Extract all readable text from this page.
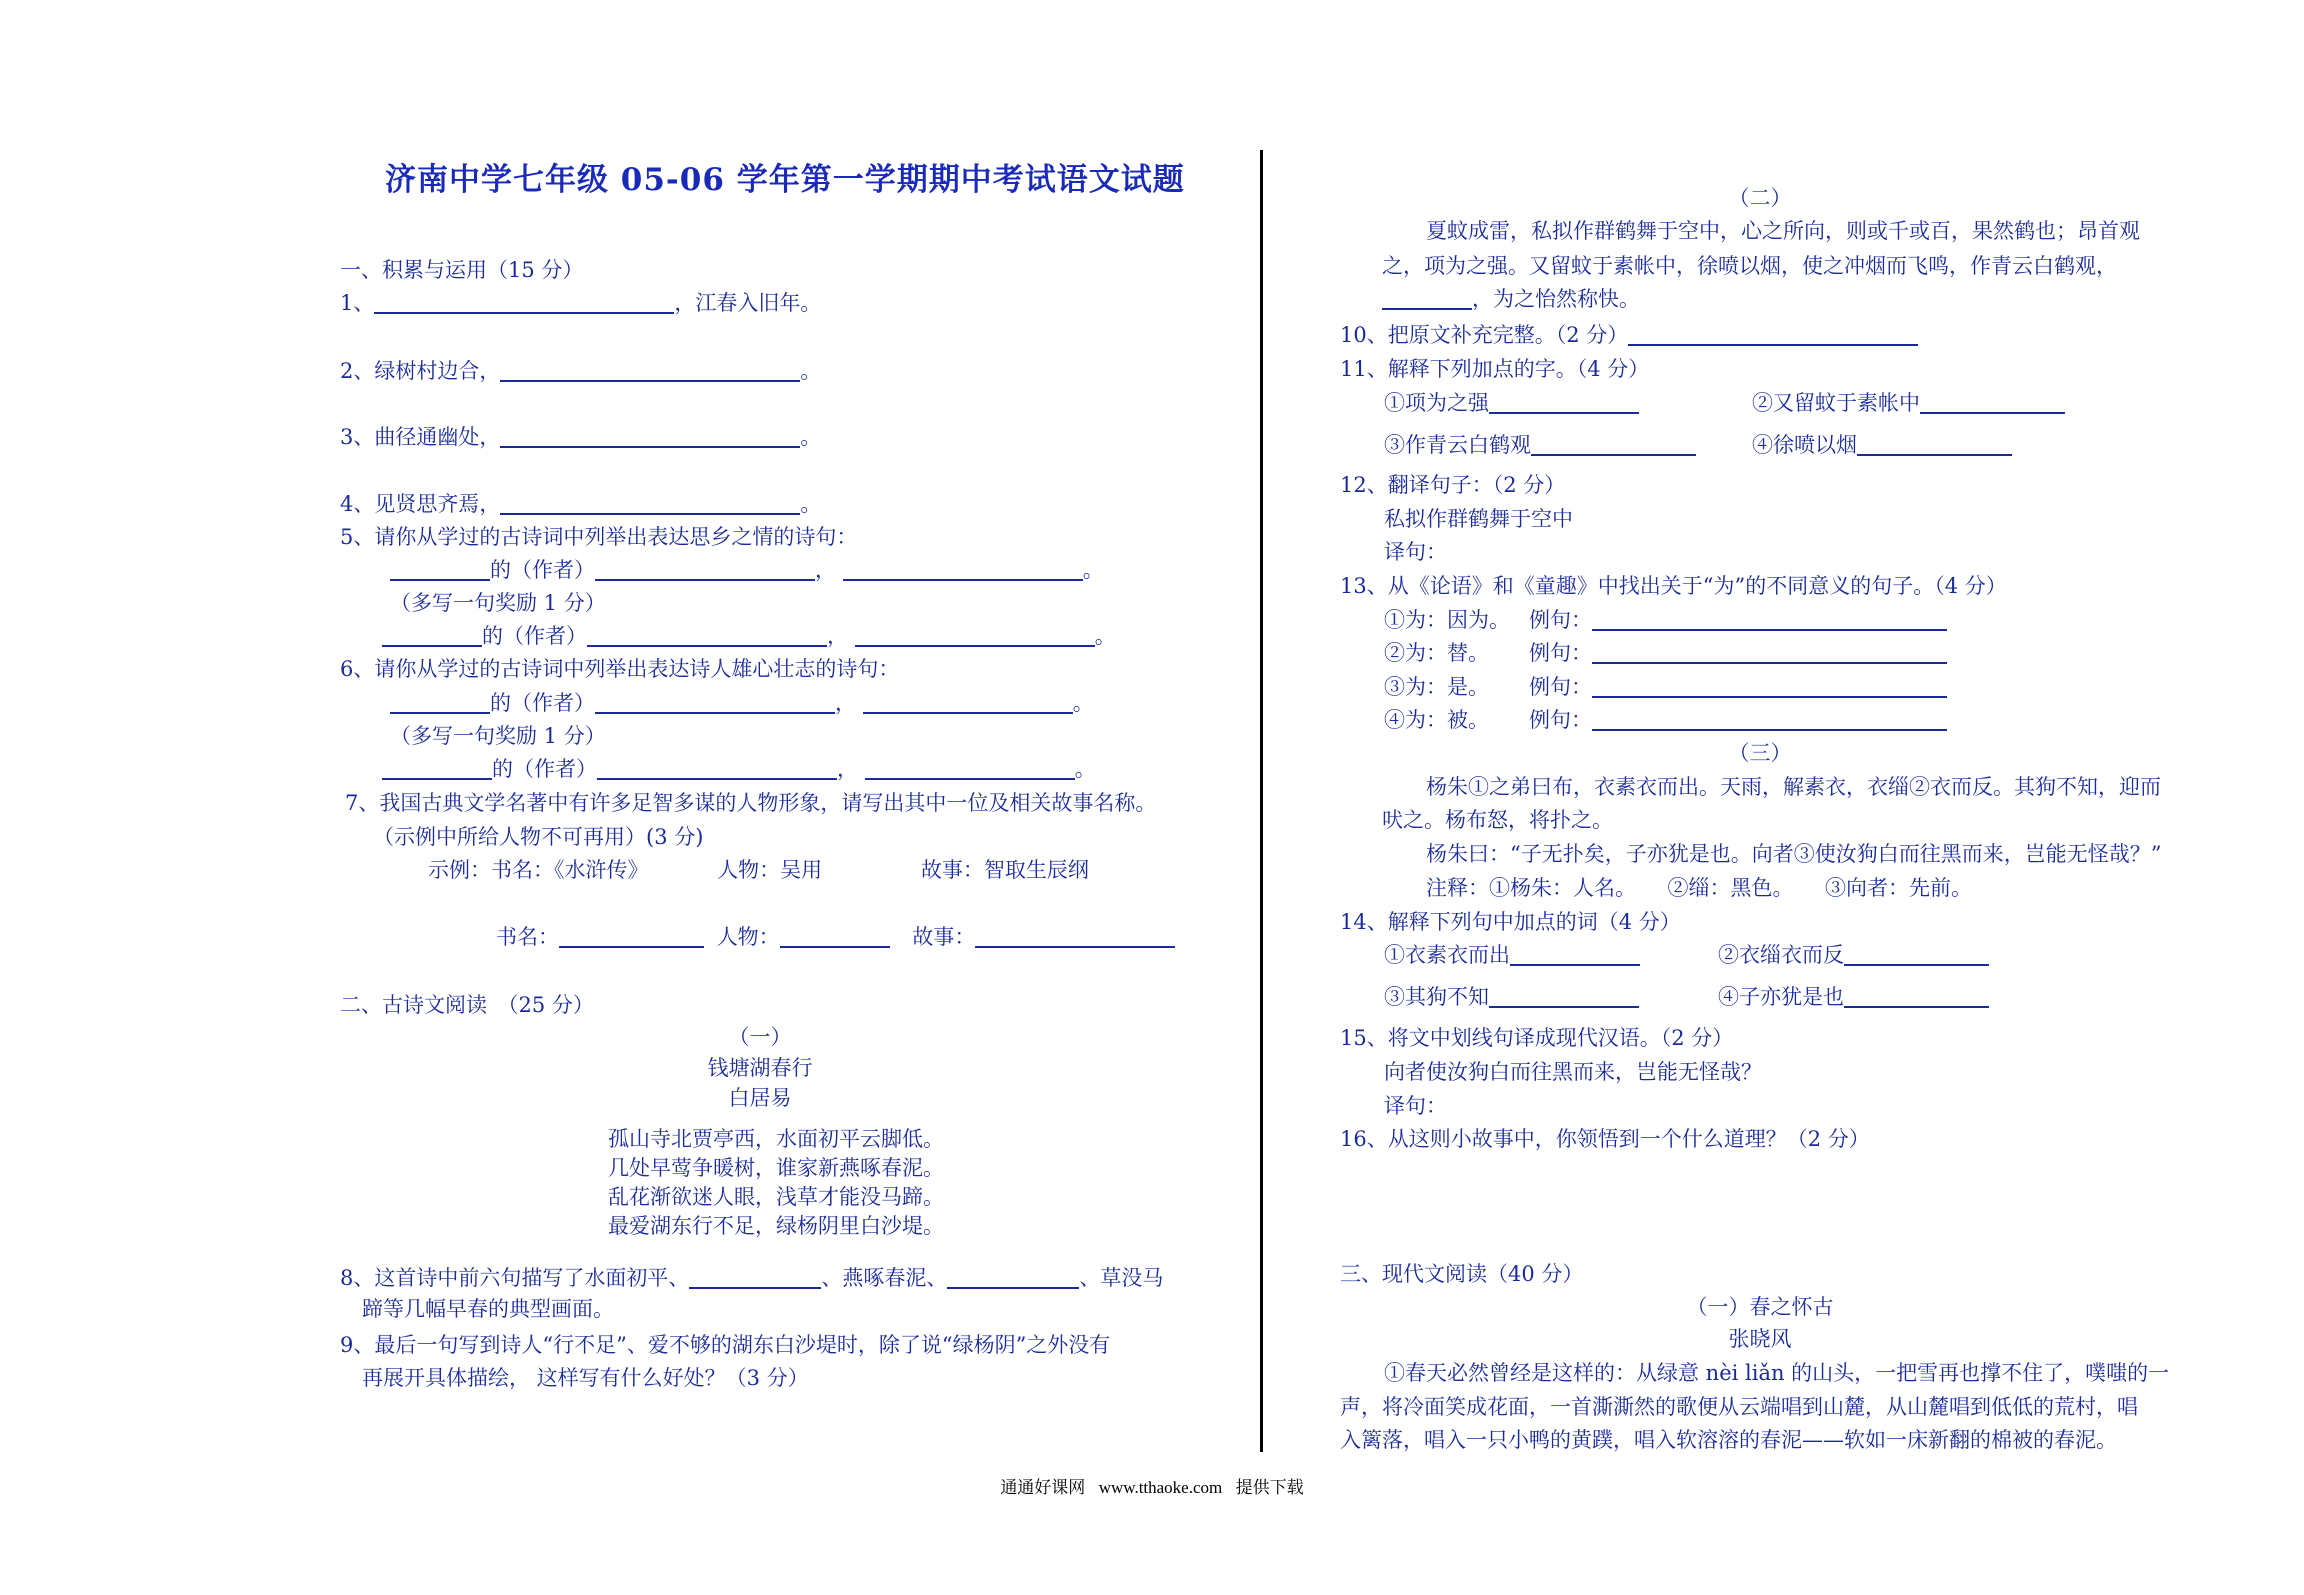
济南中学七年级 05-06 学年第一学期期中考试语文试题
一、积累与运用（15 分）
1、	，江春入旧年。
2、绿树村边合，	。
3、曲径通幽处，	。
4、见贤思齐焉，	。
5、请你从学过的古诗词中列举出表达思乡之情的诗句：
的（作者）	，	。
（多写一句奖励 1 分）
的（作者）	，	。
6、请你从学过的古诗词中列举出表达诗人雄心壮志的诗句：
的（作者）	，	。
（多写一句奖励 1 分）
的（作者）	，	。
7、我国古典文学名著中有许多足智多谋的人物形象，请写出其中一位及相关故事名称。
（示例中所给人物不可再用）(3 分)
示例：书名：《水浒传》	人物：吴用	故事：智取生辰纲
书名：	人物：	故事：
二、古诗文阅读　（25 分）
（一）
钱塘湖春行
白居易
孤山寺北贾亭西，水面初平云脚低。
几处早莺争暖树，谁家新燕啄春泥。
乱花渐欲迷人眼，浅草才能没马蹄。
最爱湖东行不足，绿杨阴里白沙堤。
8、这首诗中前六句描写了水面初平、	、燕啄春泥、	、草没马
蹄等几幅早春的典型画面。
9、最后一句写到诗人“行不足”、爱不够的湖东白沙堤时，除了说“绿杨阴”之外没有
再展开具体描绘， 这样写有什么好处？（3 分）
（二）
夏蚊成雷，私拟作群鹤舞于空中，心之所向，则或千或百，果然鹤也；昂首观
之，项为之强。又留蚊于素帐中，徐喷以烟，使之冲烟而飞鸣，作青云白鹤观，
，为之怡然称快。
10、把原文补充完整。（2 分）
11、解释下列加点的字。（4 分）
①项为之强	②又留蚊于素帐中
③作青云白鹤观	④徐喷以烟
12、翻译句子：（2 分）
私拟作群鹤舞于空中
译句：
13、从《论语》和《童趣》中找出关于“为”的不同意义的句子。（4 分）
①为：因为。 例句：
②为：替。 例句：
③为：是。 例句：
④为：被。 例句：
（三）
杨朱①之弟曰布，衣素衣而出。天雨，解素衣，衣缁②衣而反。其狗不知，迎而
吠之。杨布怒，将扑之。
杨朱曰：“子无扑矣，子亦犹是也。向者③使汝狗白而往黑而来，岂能无怪哉？”
注释：①杨朱：人名。　　②缁：黑色。　　③向者：先前。
14、解释下列句中加点的词（4 分）
①衣素衣而出	②衣缁衣而反
③其狗不知	④子亦犹是也
15、将文中划线句译成现代汉语。（2 分）
向者使汝狗白而往黑而来，岂能无怪哉？
译句：
16、从这则小故事中，你领悟到一个什么道理？（2 分）
三、现代文阅读（40 分）
（一）春之怀古
张晓风
①春天必然曾经是这样的：从绿意 nèi liǎn 的山头，一把雪再也撑不住了，噗嗤的一
声，将冷面笑成花面，一首澌澌然的歌便从云端唱到山麓，从山麓唱到低低的荒村，唱
入篱落，唱入一只小鸭的黄蹼，唱入软溶溶的春泥——软如一床新翻的棉被的春泥。
通通好课网 www.tthaoke.com 提供下载
